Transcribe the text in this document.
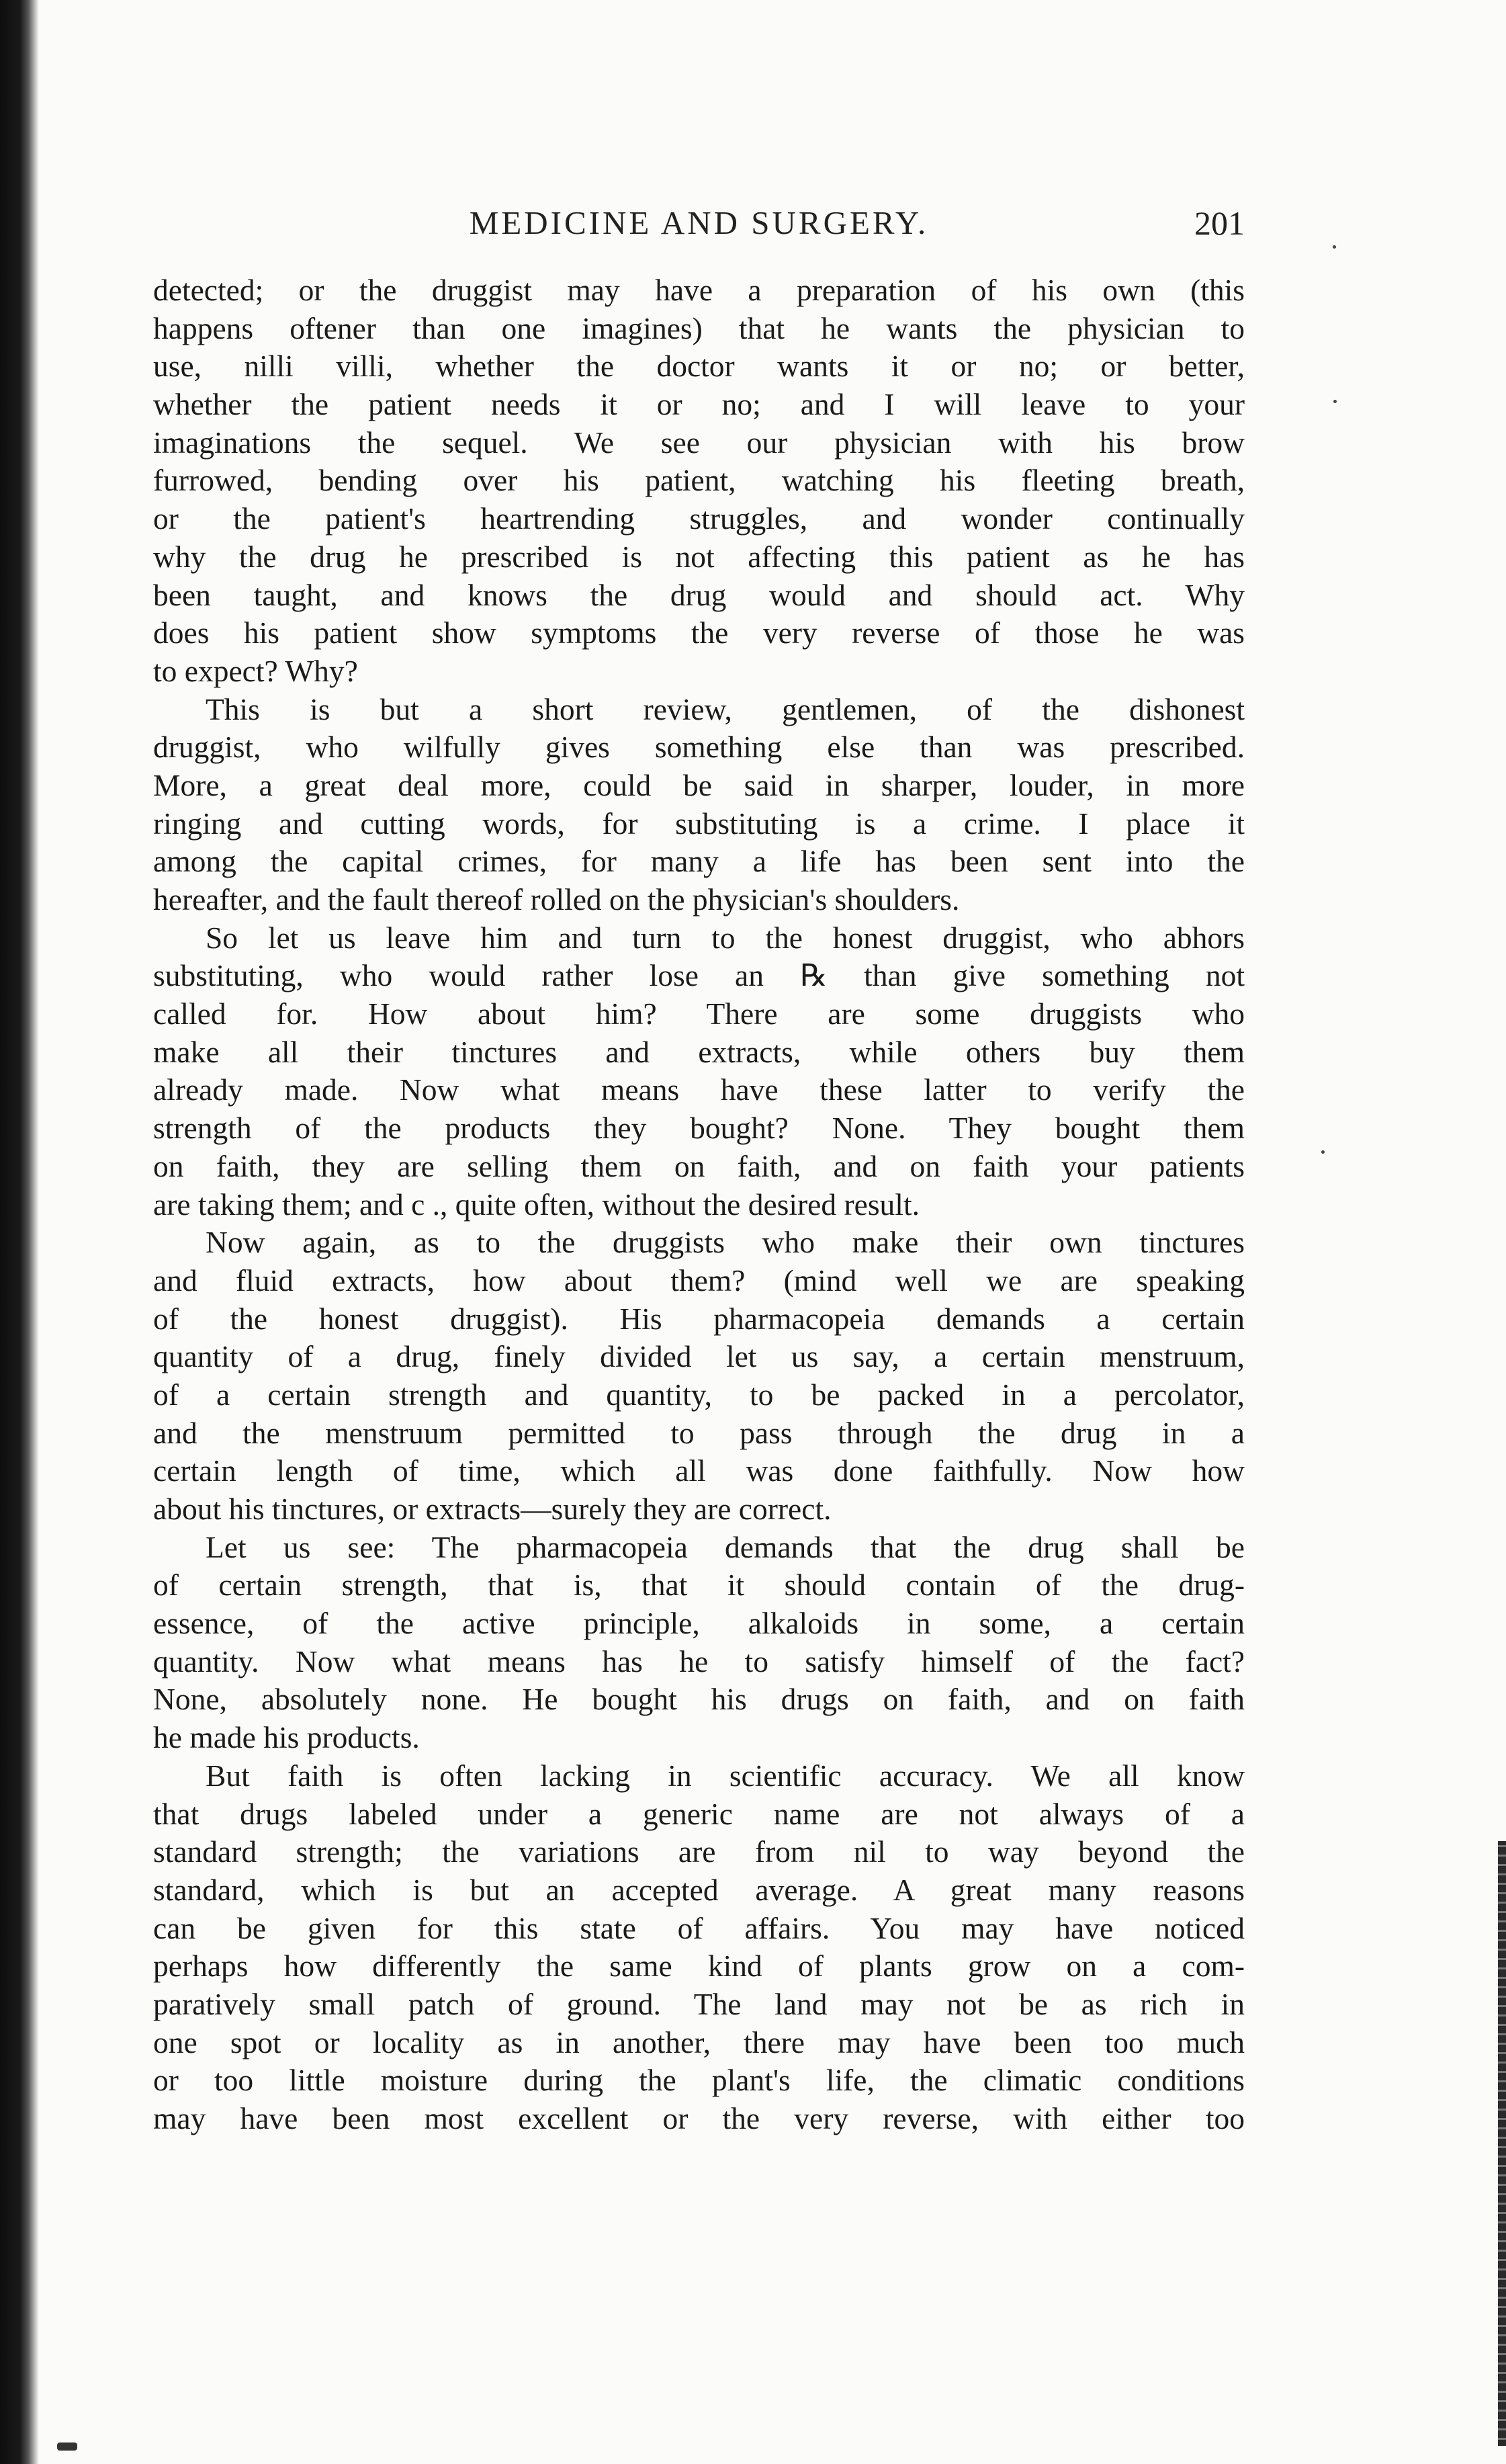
MEDICINE AND SURGERY.	201
detected; or the druggist may have a preparation of his own (this
happens oftener than one imagines) that he wants the physician to
use, nilli villi, whether the doctor wants it or no; or better,
whether the patient needs it or no; and I will leave to your
imaginations the sequel. We see our physician with his brow
furrowed, bending over his patient, watching his fleeting breath,
or the patient's heartrending struggles, and wonder continually
why the drug he prescribed is not affecting this patient as he has
been taught, and knows the drug would and should act. Why
does his patient show symptoms the very reverse of those he was
to expect? Why?
This is but a short review, gentlemen, of the dishonest
druggist, who wilfully gives something else than was prescribed.
More, a great deal more, could be said in sharper, louder, in more
ringing and cutting words, for substituting is a crime. I place it
among the capital crimes, for many a life has been sent into the
hereafter, and the fault thereof rolled on the physician's shoulders.
So let us leave him and turn to the honest druggist, who abhors
substituting, who would rather lose an ℞ than give something not
called for. How about him? There are some druggists who
make all their tinctures and extracts, while others buy them
already made. Now what means have these latter to verify the
strength of the products they bought? None. They bought them
on faith, they are selling them on faith, and on faith your patients
are taking them; and c ., quite often, without the desired result.
Now again, as to the druggists who make their own tinctures
and fluid extracts, how about them? (mind well we are speaking
of the honest druggist). His pharmacopeia demands a certain
quantity of a drug, finely divided let us say, a certain menstruum,
of a certain strength and quantity, to be packed in a percolator,
and the menstruum permitted to pass through the drug in a
certain length of time, which all was done faithfully. Now how
about his tinctures, or extracts—surely they are correct.
Let us see: The pharmacopeia demands that the drug shall be
of certain strength, that is, that it should contain of the drug-
essence, of the active principle, alkaloids in some, a certain
quantity. Now what means has he to satisfy himself of the fact?
None, absolutely none. He bought his drugs on faith, and on faith
he made his products.
But faith is often lacking in scientific accuracy. We all know
that drugs labeled under a generic name are not always of a
standard strength; the variations are from nil to way beyond the
standard, which is but an accepted average. A great many reasons
can be given for this state of affairs. You may have noticed
perhaps how differently the same kind of plants grow on a com-
paratively small patch of ground. The land may not be as rich in
one spot or locality as in another, there may have been too much
or too little moisture during the plant's life, the climatic conditions
may have been most excellent or the very reverse, with either too
